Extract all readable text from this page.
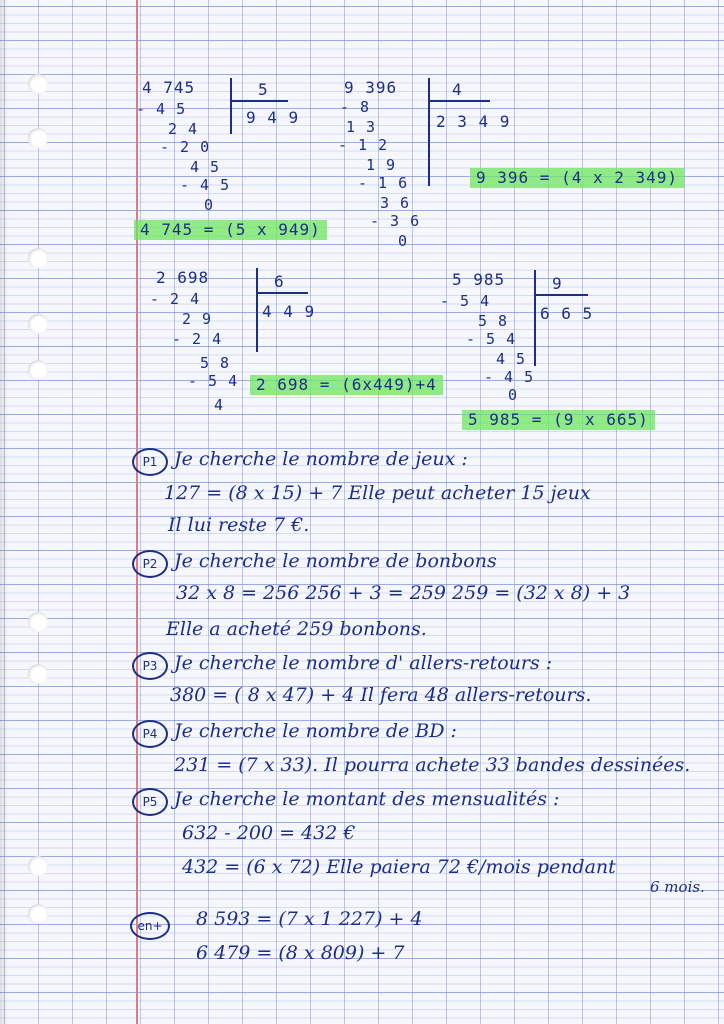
4 745	5
9 4 9
- 4 5
2 4
- 2 0
4 5
- 4 5
0
4 745 = (5 x 949)
9 396	4
2 3 4 9
- 8
1 3
- 1 2
1 9
- 1 6
3 6
- 3 6
0
9 396 = (4 x 2 349)
2 698	6
4 4 9
- 2 4
2 9
- 2 4
5 8
- 5 4
4
2 698 = (6x449)+4
5 985	9
6 6 5
- 5 4
5 8
- 5 4
4 5
- 4 5
0
5 985 = (9 x 665)
P1 Je cherche le nombre de jeux :
127 = (8 x 15) + 7 Elle peut acheter 15 jeux
Il lui reste 7 €.
P2 Je cherche le nombre de bonbons
32 x 8 = 256 256 + 3 = 259 259 = (32 x 8) + 3
Elle a acheté 259 bonbons.
P3 Je cherche le nombre d' allers-retours :
380 = ( 8 x 47) + 4 Il fera 48 allers-retours.
P4 Je cherche le nombre de BD :
231 = (7 x 33). Il pourra achete 33 bandes dessinées.
P5 Je cherche le montant des mensualités :
632 - 200 = 432 €
432 = (6 x 72) Elle paiera 72 €/mois pendant
6 mois.
en+	8 593 = (7 x 1 227) + 4
6 479 = (8 x 809) + 7
